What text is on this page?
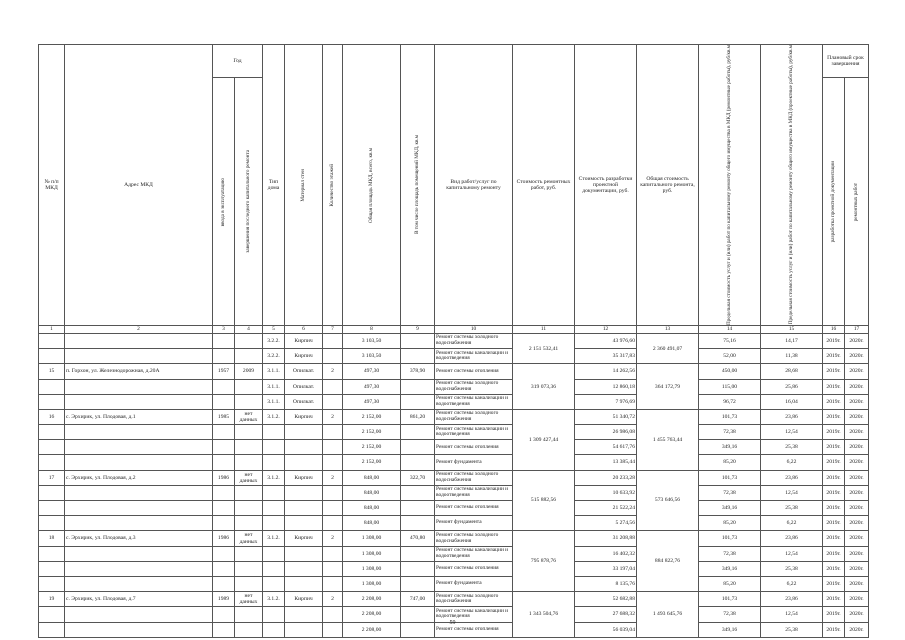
№ п/п МКД	Адрес МКД	Год		Тип дома	Материал стен	Количество этажей	Общая площадь МКД, всего, кв.м	В том числе площадь помещений МКД, кв.м	Вид работ/услуг по капитальному ремонту	Стоимость ремонтных работ, руб.	Стоимость разработки проектной документации, руб.	Общая стоимость капитального ремонта, руб.	Предельная стоимость услуг и (или) работ по капитальному ремонту общего имущества в МКД (ремонтные работы), руб/кв.м	Предельная стоимость услуг и (или) работ по капитальному ремонту общего имущества в МКД (проектные работы), руб/кв.м	Плановый срок завершения	

		ввода в эксплуатацию	завершения последнего капитального ремонта												разработка проектной документации	ремонтных работ

1	2	3	4	5	6	7	8	9	10	11	12	13	14	15	16	17
				3.2.2.	Кирпич		3 103,50		Ремонт системы холодного водоснабжения	2 151 532,41	43 976,60	2 360 491,07	75,16	14,17	2019г.	2020г.
				3.2.2.	Кирпич		3 103,50		Ремонт системы канализации и водоотведения		35 317,83		52,00	11,38	2019г.	2020г.
15	п. Горхон, ул. Железнодорожная, д.20А	1957	2009	3.1.1.	Опилкат.	2	497,30	378,90	Ремонт системы отопления	319 073,36	14 262,56	364 172,79	450,00	28,68	2019г.	2020г.
				3.1.1.	Опилкат.		497,30		Ремонт системы холодного водоснабжения		12 860,18		115,00	25,86	2019г.	2020г.
				3.1.1.	Опилкат.		497,30		Ремонт системы канализации и водоотведения		7 976,69		96,72	16,04	2019г.	2020г.
16	с. Эрхирик, ул. Плодовая, д.1	1985	нет данных	3.1.2.	Кирпич	2	2 152,00	861,20	Ремонт системы холодного водоснабжения	1 309 427,44	51 340,72	1 455 763,44	101,73	23,86	2019г.	2020г.
							2 152,00		Ремонт системы канализации и водоотведения		26 986,08		72,38	12,54	2019г.	2020г.
							2 152,00		Ремонт системы отопления		54 617,76		349,16	25,38	2019г.	2020г.
							2 152,00		Ремонт фундамента		13 385,44		85,20	6,22	2019г.	2020г.
17	с. Эрхирик, ул. Плодовая, д.2	1986	нет данных	3.1.2.	Кирпич	2	848,00	322,70	Ремонт системы холодного водоснабжения	515 882,56	20 233,28	573 646,56	101,73	23,86	2019г.	2020г.
							848,00		Ремонт системы канализации и водоотведения		10 633,92		72,38	12,54	2019г.	2020г.
							848,00		Ремонт системы отопления		21 522,24		349,16	25,38	2019г.	2020г.
							848,00		Ремонт фундамента		5 274,56		85,20	6,22	2019г.	2020г.
18	с. Эрхирик, ул. Плодовая, д.3	1986	нет данных	3.1.2.	Кирпич	2	1 308,00	470,80	Ремонт системы холодного водоснабжения	795 878,76	31 208,88	884 822,76	101,73	23,86	2019г.	2020г.
							1 308,00		Ремонт системы канализации и водоотведения		16 402,32		72,38	12,54	2019г.	2020г.
							1 308,00		Ремонт системы отопления		33 197,04		349,16	25,38	2019г.	2020г.
							1 308,00		Ремонт фундамента		8 135,76		85,20	6,22	2019г.	2020г.
19	с. Эрхирик, ул. Плодовая, д.7	1989	нет данных	3.1.2.	Кирпич	2	2 208,00	747,00	Ремонт системы холодного водоснабжения	1 343 504,76	52 682,88	1 493 645,76	101,73	23,86	2019г.	2020г.
							2 208,00		Ремонт системы канализации и водоотведения		27 688,32		72,38	12,54	2019г.	2020г.
							2 208,00		Ремонт системы отопления		56 039,04		349,16	25,38	2019г.	2020г.
59
